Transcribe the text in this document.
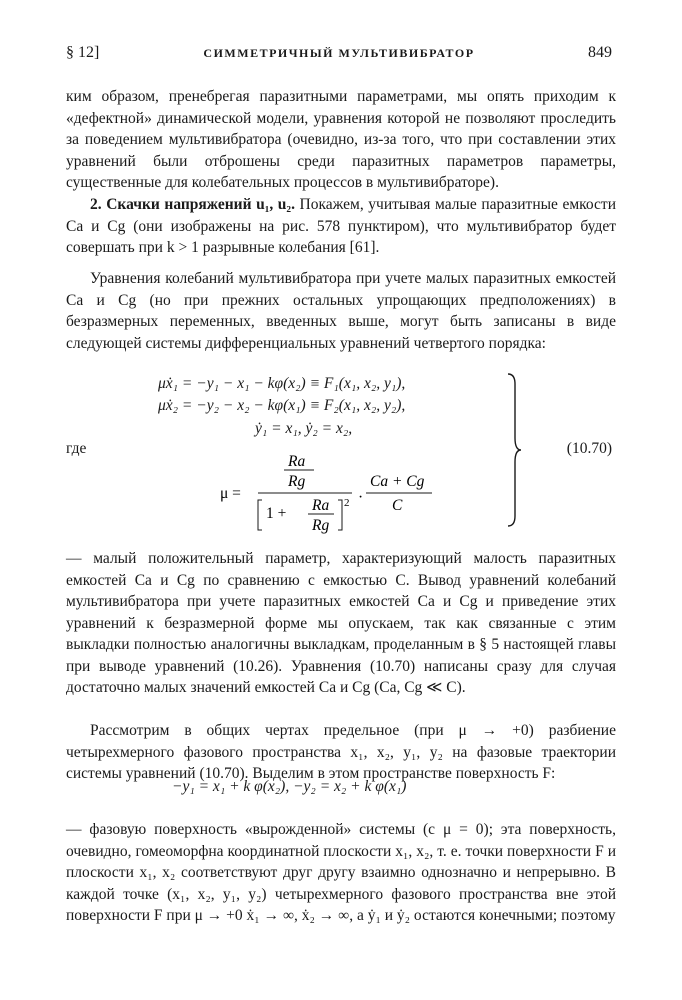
§ 12]	СИММЕТРИЧНЫЙ МУЛЬТИВИБРАТОР	849
ким образом, пренебрегая паразитными параметрами, мы опять приходим к «дефектной» динамической модели, уравнения которой не позволяют проследить за поведением мультивибратора (очевидно, из-за того, что при составлении этих уравнений были отброшены среди паразитных параметров параметры, существенные для колебательных процессов в мультивибраторе).
2. Скачки напряжений u₁, u₂. Покажем, учитывая малые паразитные емкости Ca и Cg (они изображены на рис. 578 пунктиром), что мультивибратор будет совершать при k > 1 разрывные колебания [61].
Уравнения колебаний мультивибратора при учете малых паразитных емкостей Ca и Cg (но при прежних остальных упрощающих предположениях) в безразмерных переменных, введенных выше, могут быть записаны в виде следующей системы дифференциальных уравнений четвертого порядка:
μẋ₁ = −y₁ − x₁ − kφ(x₂) ≡ F₁(x₁, x₂, y₁),
μẋ₂ = −y₂ − x₂ − kφ(x₁) ≡ F₂(x₁, x₂, y₂),
ẏ₁ = x₁, ẏ₂ = x₂,
где	(10.70)
μ =
Ra
Rg
1 + Ra
Rg
2 ·
Ca + Cg
C
— малый положительный параметр, характеризующий малость паразитных емкостей Ca и Cg по сравнению с емкостью C. Вывод уравнений колебаний мультивибратора при учете паразитных емкостей Ca и Cg и приведение этих уравнений к безразмерной форме мы опускаем, так как связанные с этим выкладки полностью аналогичны выкладкам, проделанным в § 5 настоящей главы при выводе уравнений (10.26). Уравнения (10.70) написаны сразу для случая достаточно малых значений емкостей Ca и Cg (Ca, Cg ≪ C).
Рассмотрим в общих чертах предельное (при μ → +0) разбиение четырехмерного фазового пространства x₁, x₂, y₁, y₂ на фазовые траектории системы уравнений (10.70). Выделим в этом пространстве поверхность F:
−y₁ = x₁ + k φ(x₂), −y₂ = x₂ + k φ(x₁)
— фазовую поверхность «вырожденной» системы (с μ = 0); эта поверхность, очевидно, гомеоморфна координатной плоскости x₁, x₂, т. е. точки поверхности F и плоскости x₁, x₂ соответствуют друг другу взаимно однозначно и непрерывно. В каждой точке (x₁, x₂, y₁, y₂) четырехмерного фазового пространства вне этой поверхности F при μ → +0 ẋ₁ → ∞, ẋ₂ → ∞, а ẏ₁ и ẏ₂ остаются конечными; поэтому
